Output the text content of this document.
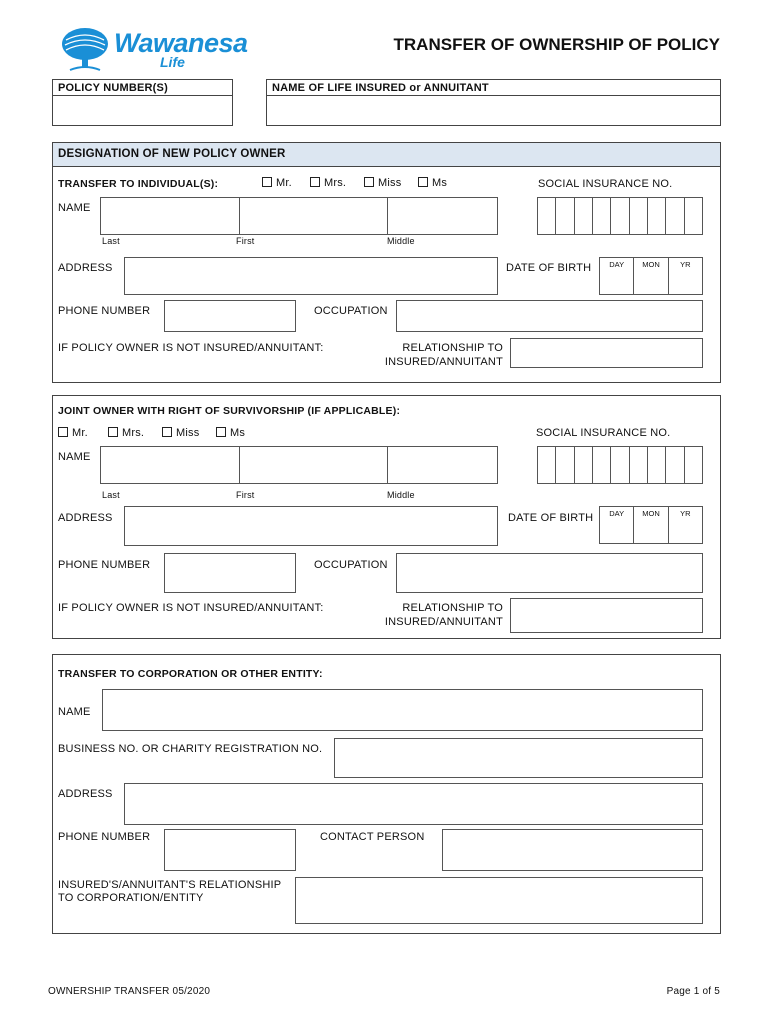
Wawanesa
Life
TRANSFER OF OWNERSHIP OF POLICY
POLICY NUMBER(S)	NAME OF LIFE INSURED or ANNUITANT
DESIGNATION OF NEW POLICY OWNER
TRANSFER TO INDIVIDUAL(S):	Mr.	Mrs.	Miss	Ms	SOCIAL INSURANCE NO.
NAME
Last	First	Middle
ADDRESS	DATE OF BIRTH	DAY	MON	YR
PHONE NUMBER	OCCUPATION
IF POLICY OWNER IS NOT INSURED/ANNUITANT:	RELATIONSHIP TO
INSURED/ANNUITANT
JOINT OWNER WITH RIGHT OF SURVIVORSHIP (IF APPLICABLE):
Mr.	Mrs.	Miss	Ms	SOCIAL INSURANCE NO.
NAME
Last	First	Middle
ADDRESS	DATE OF BIRTH	DAY	MON	YR
PHONE NUMBER	OCCUPATION
IF POLICY OWNER IS NOT INSURED/ANNUITANT:	RELATIONSHIP TO
INSURED/ANNUITANT
TRANSFER TO CORPORATION OR OTHER ENTITY:
NAME
BUSINESS NO. OR CHARITY REGISTRATION NO.
ADDRESS
PHONE NUMBER	CONTACT PERSON
INSURED'S/ANNUITANT'S RELATIONSHIP
TO CORPORATION/ENTITY
OWNERSHIP TRANSFER 05/2020	Page 1 of 5
